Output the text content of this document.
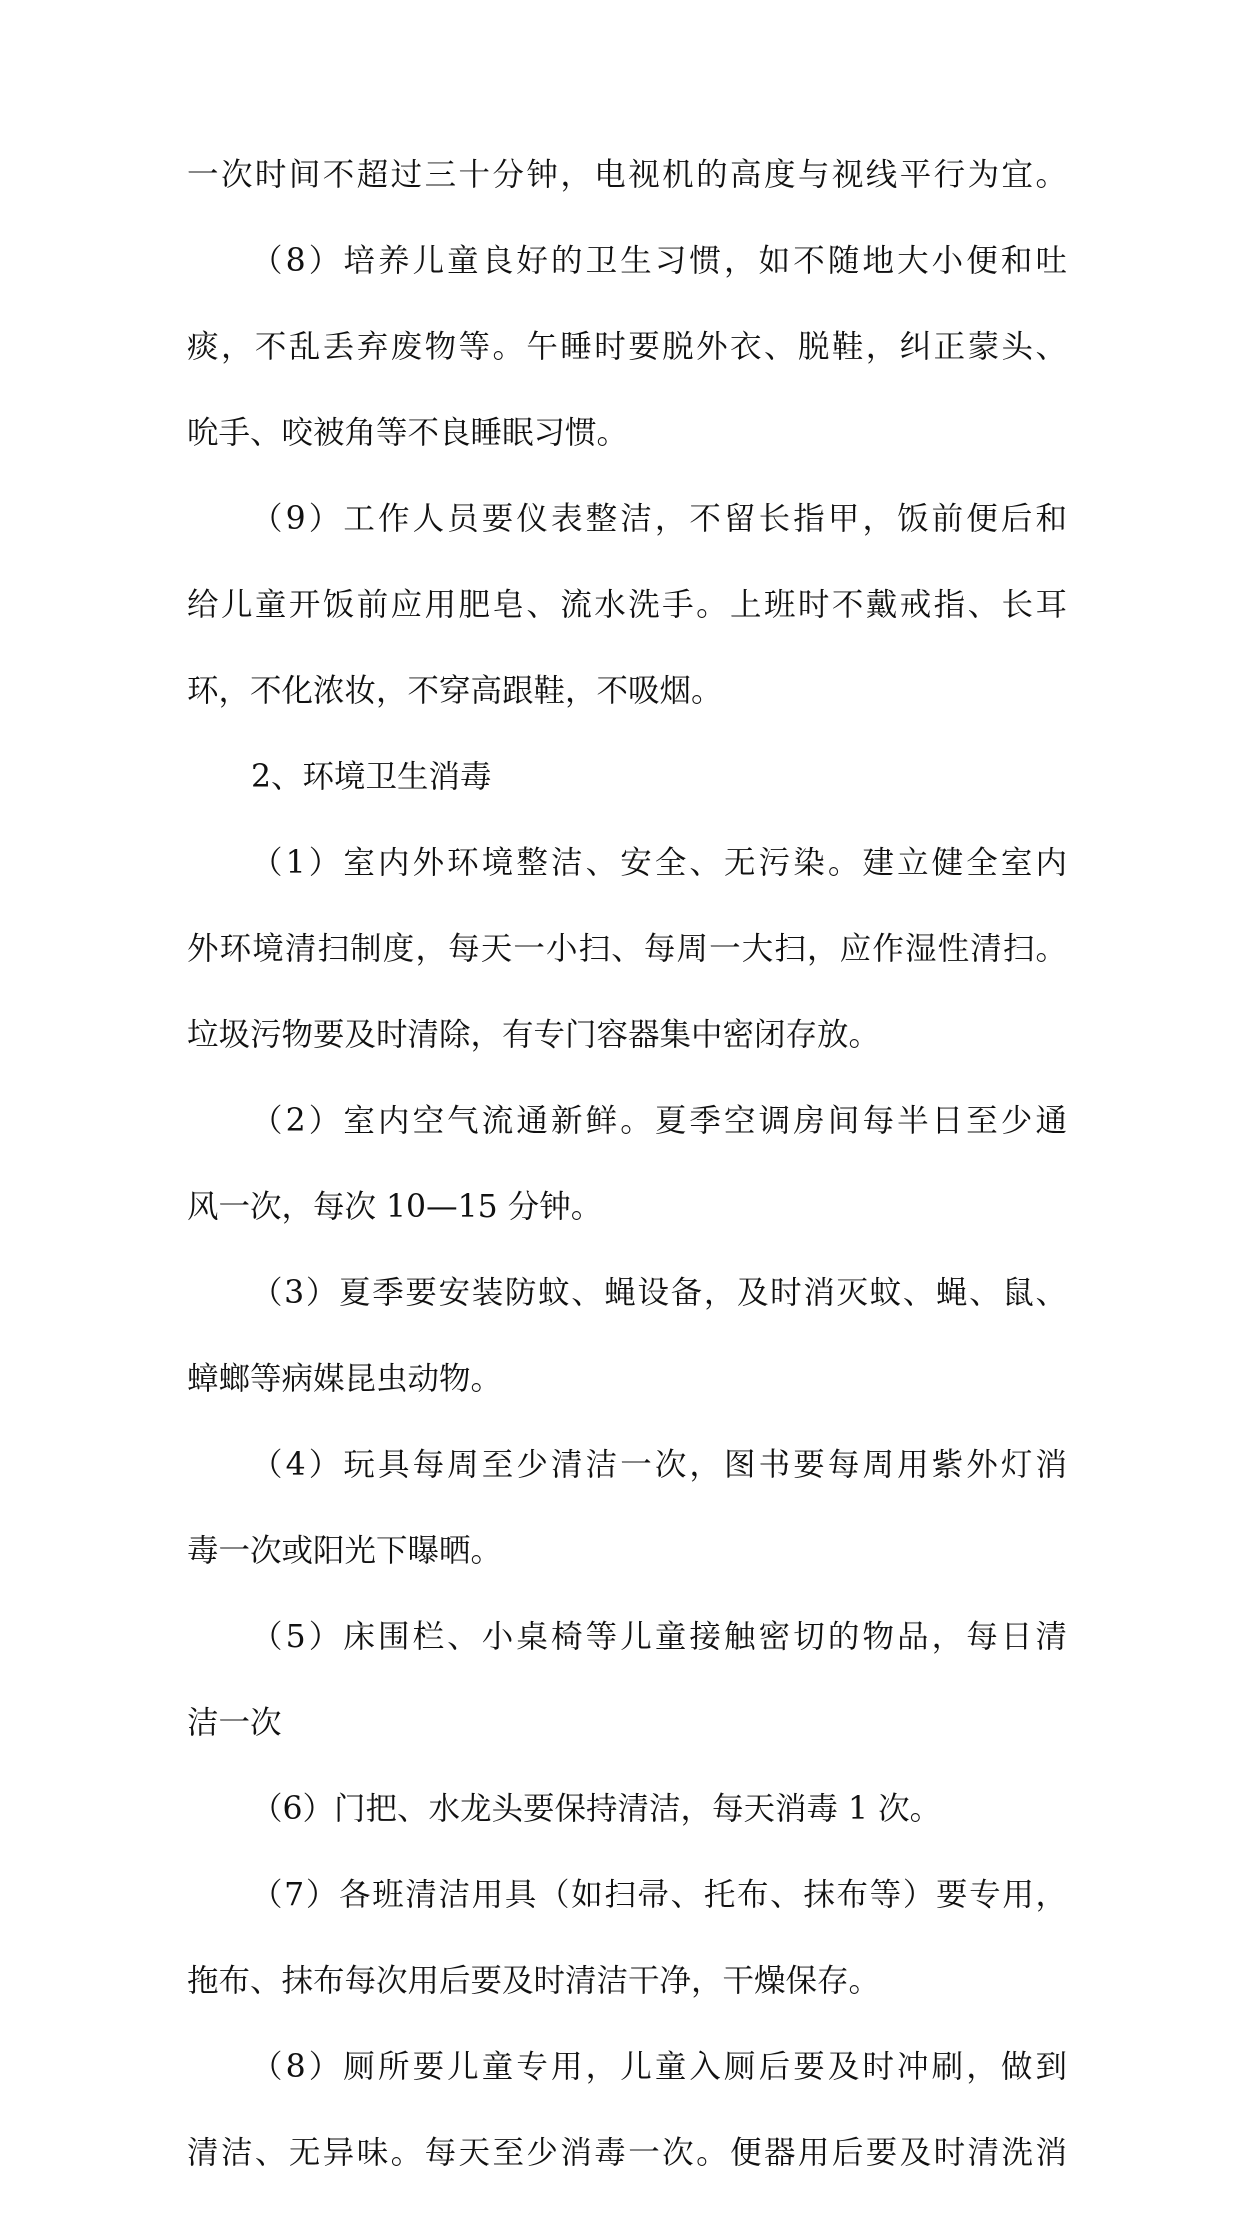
一次时间不超过三十分钟，电视机的高度与视线平行为宜。
（8）培养儿童良好的卫生习惯，如不随地大小便和吐
痰，不乱丢弃废物等。午睡时要脱外衣、脱鞋，纠正蒙头、
吮手、咬被角等不良睡眠习惯。
（9）工作人员要仪表整洁，不留长指甲，饭前便后和
给儿童开饭前应用肥皂、流水洗手。上班时不戴戒指、长耳
环，不化浓妆，不穿高跟鞋，不吸烟。
2、环境卫生消毒
（1）室内外环境整洁、安全、无污染。建立健全室内
外环境清扫制度，每天一小扫、每周一大扫，应作湿性清扫。
垃圾污物要及时清除，有专门容器集中密闭存放。
（2）室内空气流通新鲜。夏季空调房间每半日至少通
风一次，每次 10—15 分钟。
（3）夏季要安装防蚊、蝇设备，及时消灭蚊、蝇、鼠、
蟑螂等病媒昆虫动物。
（4）玩具每周至少清洁一次，图书要每周用紫外灯消
毒一次或阳光下曝晒。
（5）床围栏、小桌椅等儿童接触密切的物品，每日清
洁一次
（6）门把、水龙头要保持清洁，每天消毒 1 次。
（7）各班清洁用具（如扫帚、托布、抹布等）要专用，
拖布、抹布每次用后要及时清洁干净，干燥保存。
（8）厕所要儿童专用，儿童入厕后要及时冲刷，做到
清洁、无异味。每天至少消毒一次。便器用后要及时清洗消
